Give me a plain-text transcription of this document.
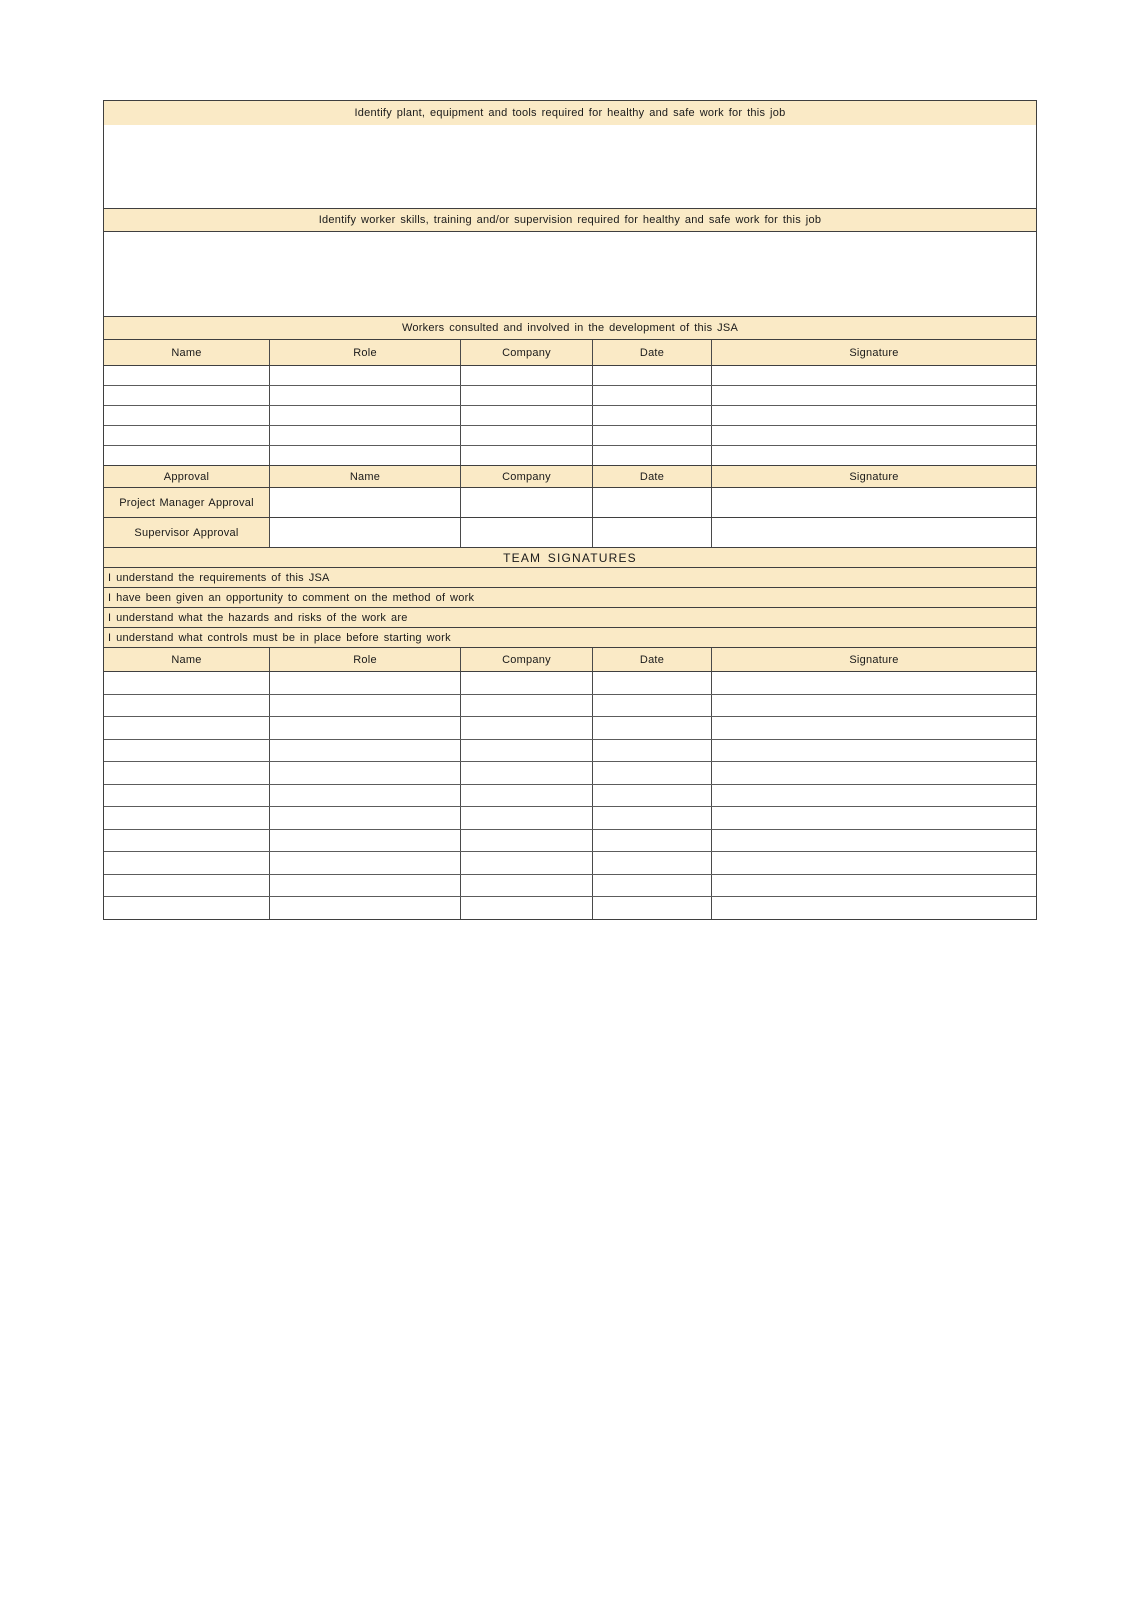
Identify plant, equipment and tools required for healthy and safe work for this job
Identify worker skills, training and/or supervision required for healthy and safe work for this job
Workers consulted and involved in the development of this JSA
Name	Role	Company	Date	Signature
Approval	Name	Company	Date	Signature
Project Manager Approval
Supervisor Approval
TEAM SIGNATURES
I understand the requirements of this JSA
I have been given an opportunity to comment on the method of work
I understand what the hazards and risks of the work are
I understand what controls must be in place before starting work
Name	Role	Company	Date	Signature
